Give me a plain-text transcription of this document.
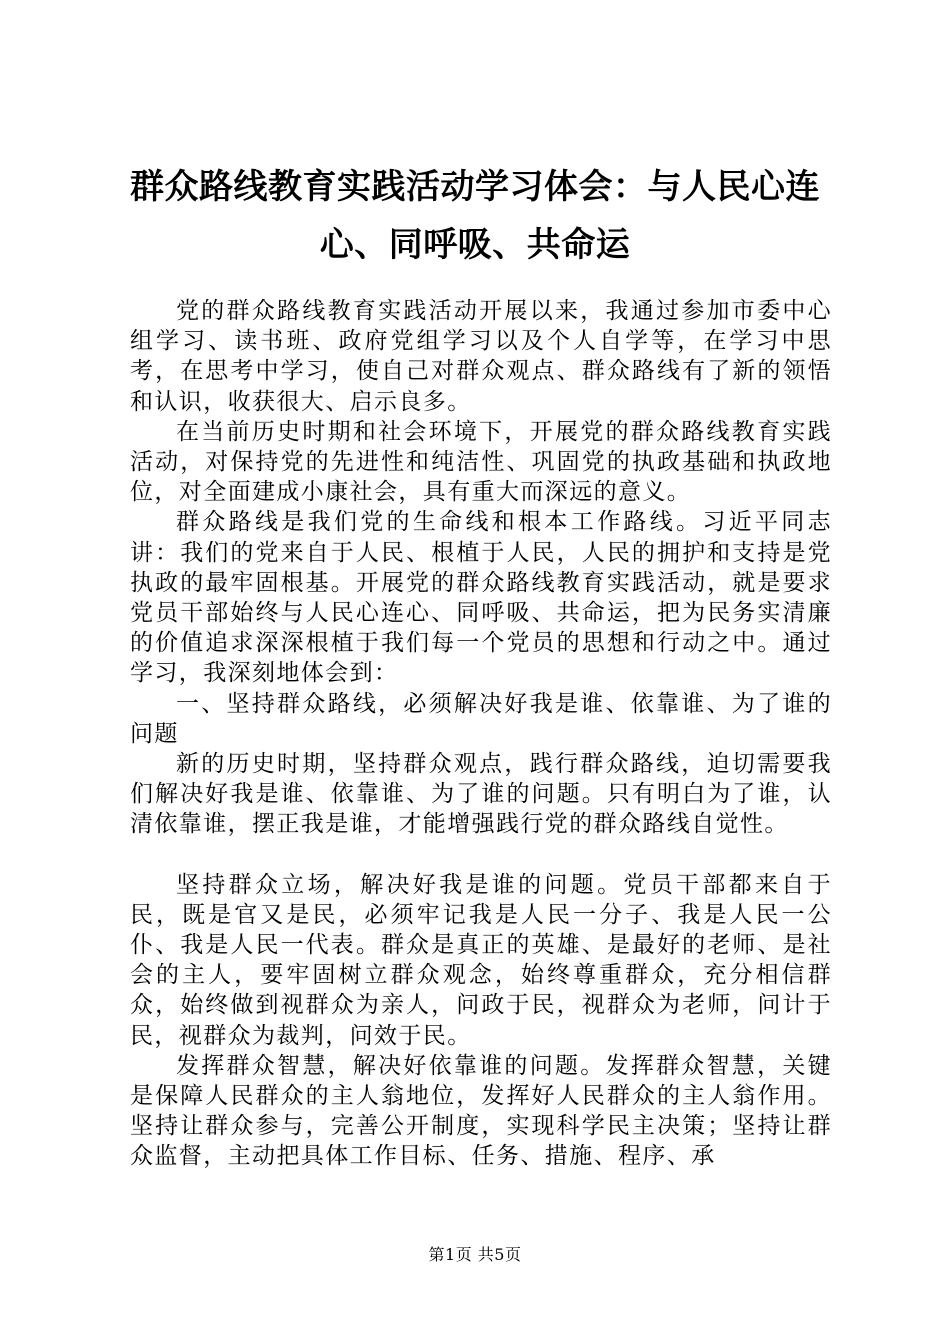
群众路线教育实践活动学习体会：与人民心连心、同呼吸、共命运

党的群众路线教育实践活动开展以来，我通过参加市委中心组学习、读书班、政府党组学习以及个人自学等，在学习中思考，在思考中学习，使自己对群众观点、群众路线有了新的领悟和认识，收获很大、启示良多。

在当前历史时期和社会环境下，开展党的群众路线教育实践活动，对保持党的先进性和纯洁性、巩固党的执政基础和执政地位，对全面建成小康社会，具有重大而深远的意义。

群众路线是我们党的生命线和根本工作路线。习近平同志讲：我们的党来自于人民、根植于人民，人民的拥护和支持是党执政的最牢固根基。开展党的群众路线教育实践活动，就是要求党员干部始终与人民心连心、同呼吸、共命运，把为民务实清廉的价值追求深深根植于我们每一个党员的思想和行动之中。通过学习，我深刻地体会到：

一、坚持群众路线，必须解决好我是谁、依靠谁、为了谁的问题

新的历史时期，坚持群众观点，践行群众路线，迫切需要我们解决好我是谁、依靠谁、为了谁的问题。只有明白为了谁，认清依靠谁，摆正我是谁，才能增强践行党的群众路线自觉性。

坚持群众立场，解决好我是谁的问题。党员干部都来自于民，既是官又是民，必须牢记我是人民一分子、我是人民一公仆、我是人民一代表。群众是真正的英雄、是最好的老师、是社会的主人，要牢固树立群众观念，始终尊重群众，充分相信群众，始终做到视群众为亲人，问政于民，视群众为老师，问计于民，视群众为裁判，问效于民。

发挥群众智慧，解决好依靠谁的问题。发挥群众智慧，关键是保障人民群众的主人翁地位，发挥好人民群众的主人翁作用。坚持让群众参与，完善公开制度，实现科学民主决策；坚持让群众监督，主动把具体工作目标、任务、措施、程序、承

第1页 共5页
